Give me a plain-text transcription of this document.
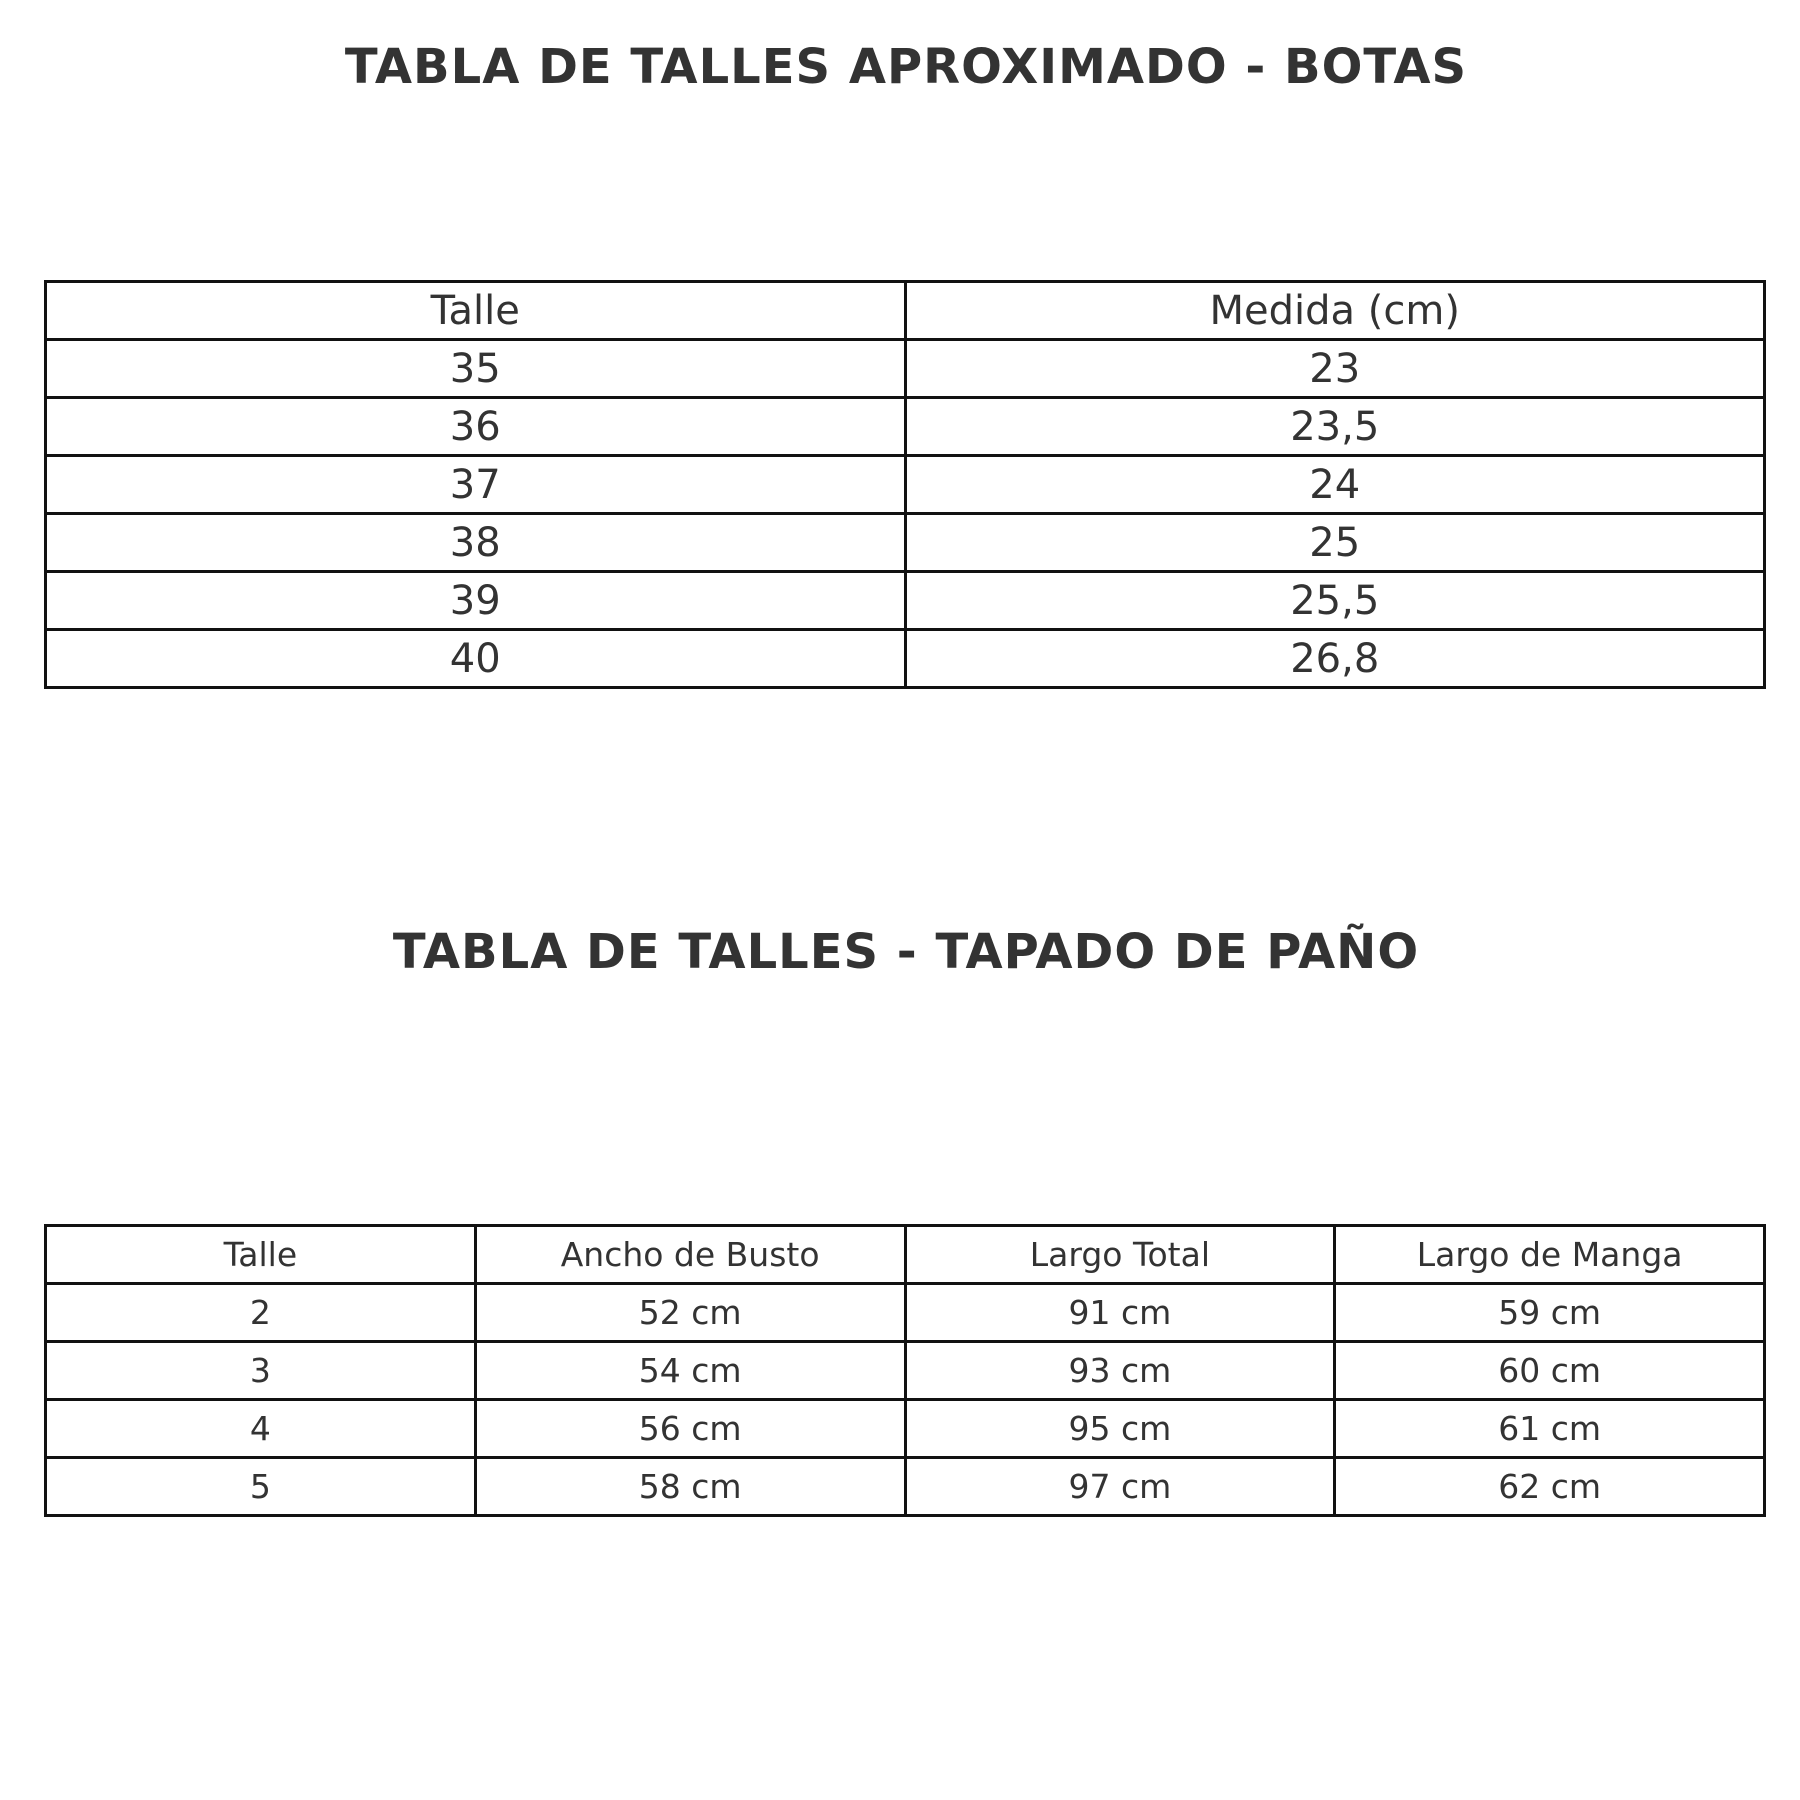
TABLA DE TALLES APROXIMADO - BOTAS
Talle	Medida (cm)
35	23
36	23,5
37	24
38	25
39	25,5
40	26,8
TABLA DE TALLES - TAPADO DE PAÑO
Talle	Ancho de Busto	Largo Total	Largo de Manga
2	52 cm	91 cm	59 cm
3	54 cm	93 cm	60 cm
4	56 cm	95 cm	61 cm
5	58 cm	97 cm	62 cm
